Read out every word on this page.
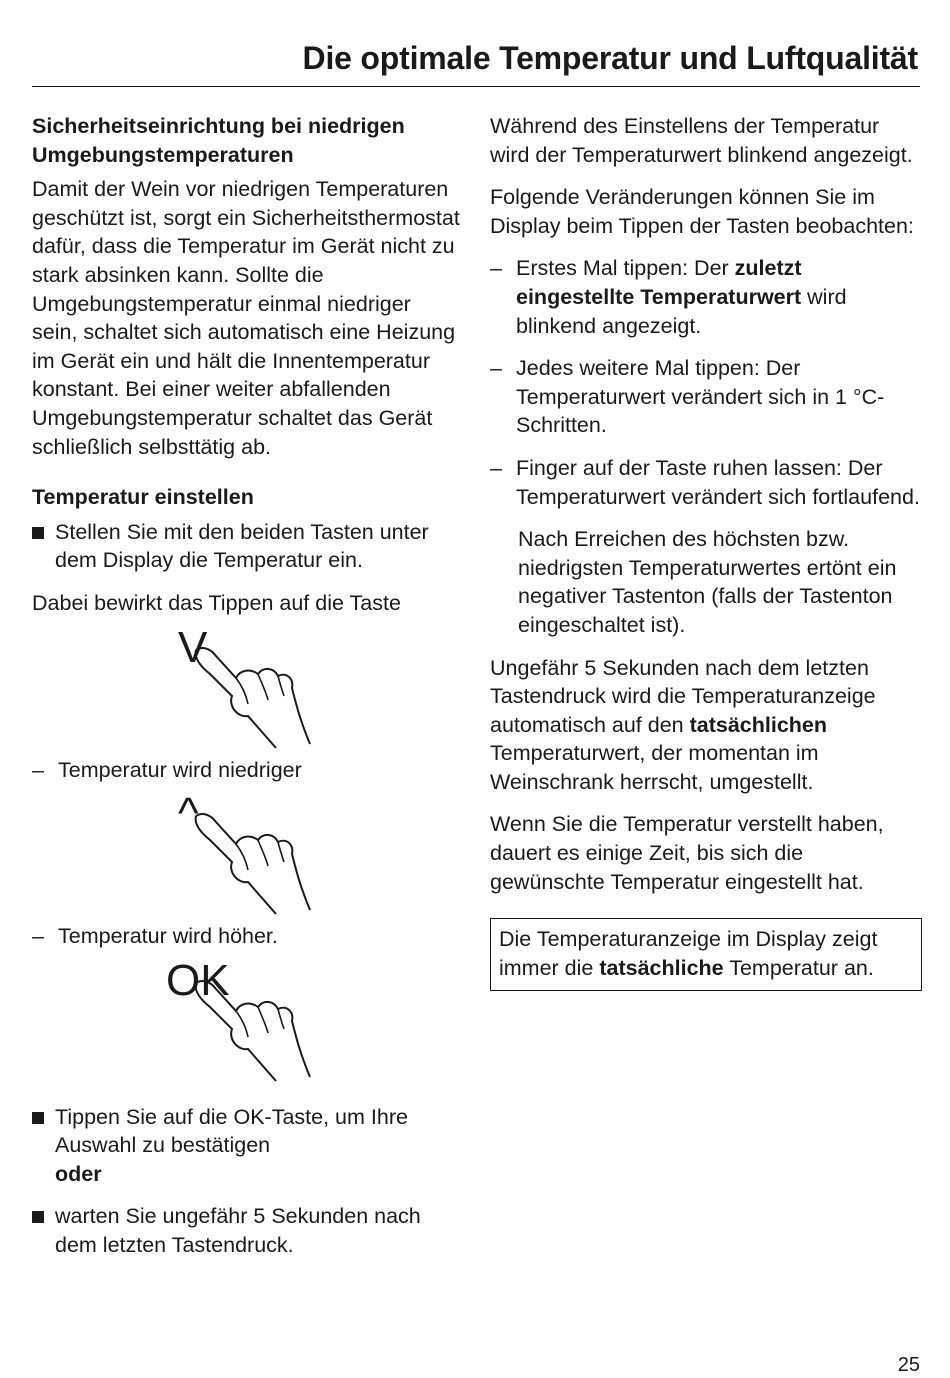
Die optimale Temperatur und Luftqualität
Sicherheitseinrichtung bei niedrigen
Umgebungstemperaturen

Damit der Wein vor niedrigen Temperaturen geschützt ist, sorgt ein Sicherheitsthermostat dafür, dass die Temperatur im Gerät nicht zu stark absinken kann. Sollte die Umgebungstemperatur einmal niedriger sein, schaltet sich automatisch eine Heizung im Gerät ein und hält die Innentemperatur konstant. Bei einer weiter abfallenden Umgebungstemperatur schaltet das Gerät schließlich selbsttätig ab.

Temperatur einstellen
Stellen Sie mit den beiden Tasten unter dem Display die Temperatur ein.

Dabei bewirkt das Tippen auf die Taste

V
– Temperatur wird niedriger
^
– Temperatur wird höher.
OK
Tippen Sie auf die OK-Taste, um Ihre Auswahl zu bestätigen
oder
warten Sie ungefähr 5 Sekunden nach dem letzten Tastendruck.

Während des Einstellens der Temperatur wird der Temperaturwert blinkend angezeigt.

Folgende Veränderungen können Sie im Display beim Tippen der Tasten beobachten:

– Erstes Mal tippen: Der zuletzt eingestellte Temperaturwert wird blinkend angezeigt.
– Jedes weitere Mal tippen: Der Temperaturwert verändert sich in 1 °C-Schritten.
– Finger auf der Taste ruhen lassen: Der Temperaturwert verändert sich fortlaufend.

Nach Erreichen des höchsten bzw. niedrigsten Temperaturwertes ertönt ein negativer Tastenton (falls der Tastenton eingeschaltet ist).

Ungefähr 5 Sekunden nach dem letzten Tastendruck wird die Temperaturanzeige automatisch auf den tatsächlichen Temperaturwert, der momentan im Weinschrank herrscht, umgestellt.

Wenn Sie die Temperatur verstellt haben, dauert es einige Zeit, bis sich die gewünschte Temperatur eingestellt hat.

Die Temperaturanzeige im Display zeigt immer die tatsächliche Temperatur an.
25
